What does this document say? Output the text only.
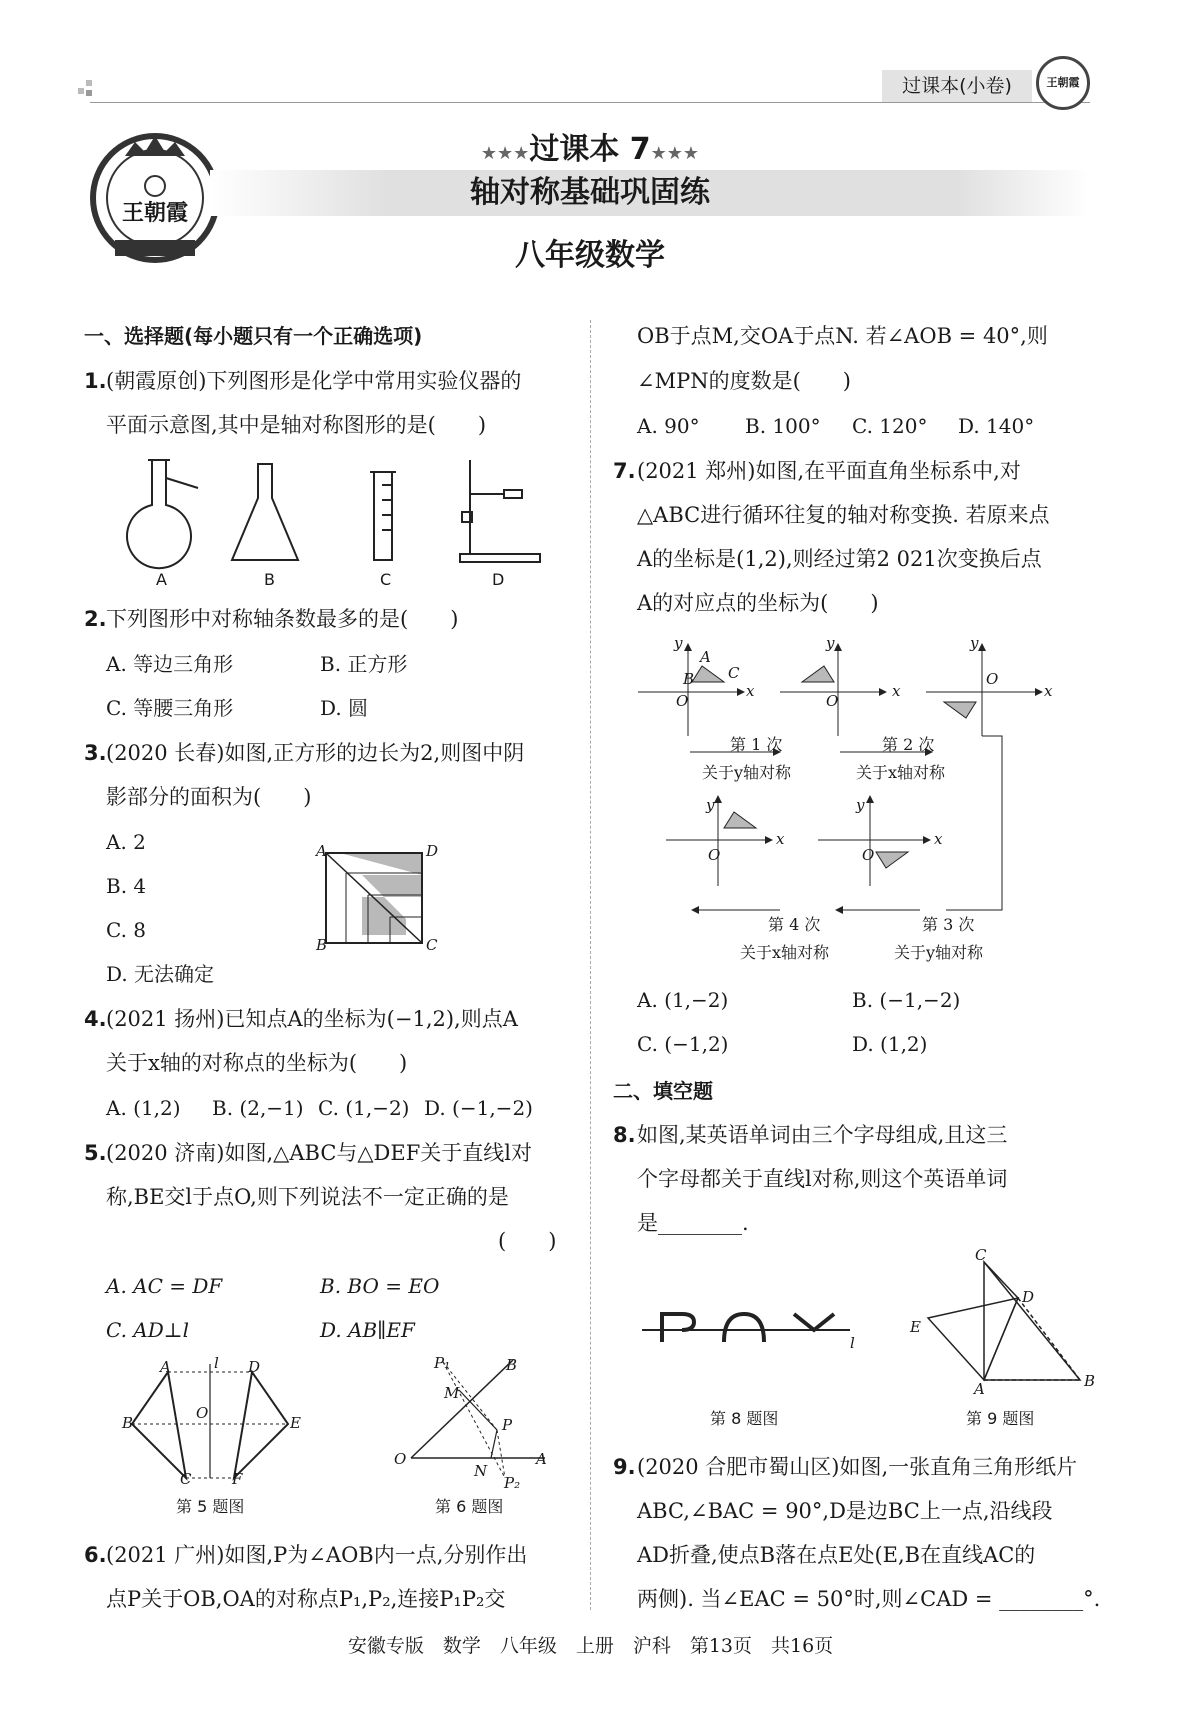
过课本(小卷)	王朝霞
王朝霞
★★★过课本 7★★★
轴对称基础巩固练
八年级数学
一、选择题(每小题只有一个正确选项)
1. (朝霞原创)下列图形是化学中常用实验仪器的
平面示意图,其中是轴对称图形的是(　　)
A	B	C	D
2. 下列图形中对称轴条数最多的是(　　)
A. 等边三角形	B. 正方形
C. 等腰三角形	D. 圆
3. (2020 长春)如图,正方形的边长为2,则图中阴
影部分的面积为(　　)
A. 2
B. 4
C. 8
D. 无法确定
A	D
B	C
4. (2021 扬州)已知点A的坐标为(−1,2),则点A
关于x轴的对称点的坐标为(　　)
A. (1,2) B. (2,−1) C. (1,−2) D. (−1,−2)
5. (2020 济南)如图,△ABC与△DEF关于直线l对
称,BE交l于点O,则下列说法不一定正确的是
(　　)
A. AC = DF	B. BO = EO
C. AD⊥l	D. AB∥EF
A	l D
B
O
E
C	F
第 5 题图
P₁	B
M
P
O
N
A
P₂
第 6 题图
6. (2021 广州)如图,P为∠AOB内一点,分别作出
点P关于OB,OA的对称点P₁,P₂,连接P₁P₂交
OB于点M,交OA于点N. 若∠AOB = 40°,则
∠MPN的度数是(　　)
A. 90° B. 100° C. 120° D. 140°
7. (2021 郑州)如图,在平面直角坐标系中,对
△ABC进行循环往复的轴对称变换. 若原来点
A的坐标是(1,2),则经过第2 021次变换后点
A的对应点的坐标为(　　)
A
B C
O	O
O
O	O
y	y	y
y	y
x	x	x
x	x
第 1 次
关于y轴对称
第 2 次
关于x轴对称
第 4 次
关于x轴对称
第 3 次
关于y轴对称
A. (1,−2)	B. (−1,−2)
C. (−1,2)	D. (1,2)
二、填空题
8. 如图,某英语单词由三个字母组成,且这三
个字母都关于直线l对称,则这个英语单词
是________.
l
第 8 题图
C
D
E
A	B
第 9 题图
9. (2020 合肥市蜀山区)如图,一张直角三角形纸片
ABC,∠BAC = 90°,D是边BC上一点,沿线段
AD折叠,使点B落在点E处(E,B在直线AC的
两侧). 当∠EAC = 50°时,则∠CAD = ________°.
安徽专版　数学　八年级　上册　沪科　第13页　共16页
